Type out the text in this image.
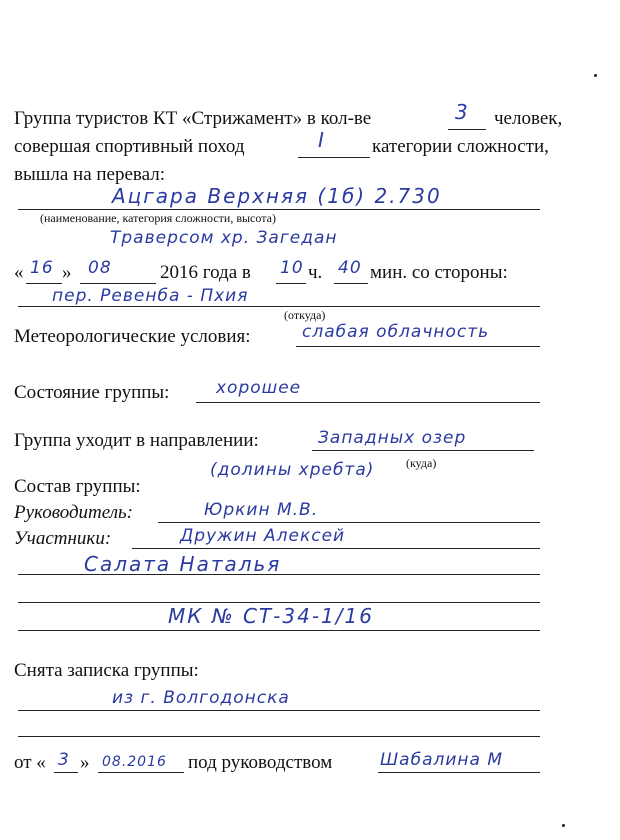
Группа туристов КТ «Стрижамент» в кол-ве	3 человек,
совершая спортивный поход	I категории сложности,
вышла на перевал:
Ацгара Верхняя (1б) 2.730
(наименование, категория сложности, высота)
Траверсом хр. Загедан
« 16 » 08	2016 года в 10 ч. 40 мин. со стороны:
пер. Ревенба - Пхия
(откуда)
Метеорологические условия:	слабая облачность
Состояние группы:	хорошее
Группа уходит в направлении:	Западных озер
(долины хребта)	(куда)
Состав группы:
Руководитель:	Юркин М.В.
Участники:	Дружин Алексей
Салата Наталья
МК № СТ-34-1/16
Снята записка группы:
из г. Волгодонска
от « 3 » 08.2016 под руководством	Шабалина М
